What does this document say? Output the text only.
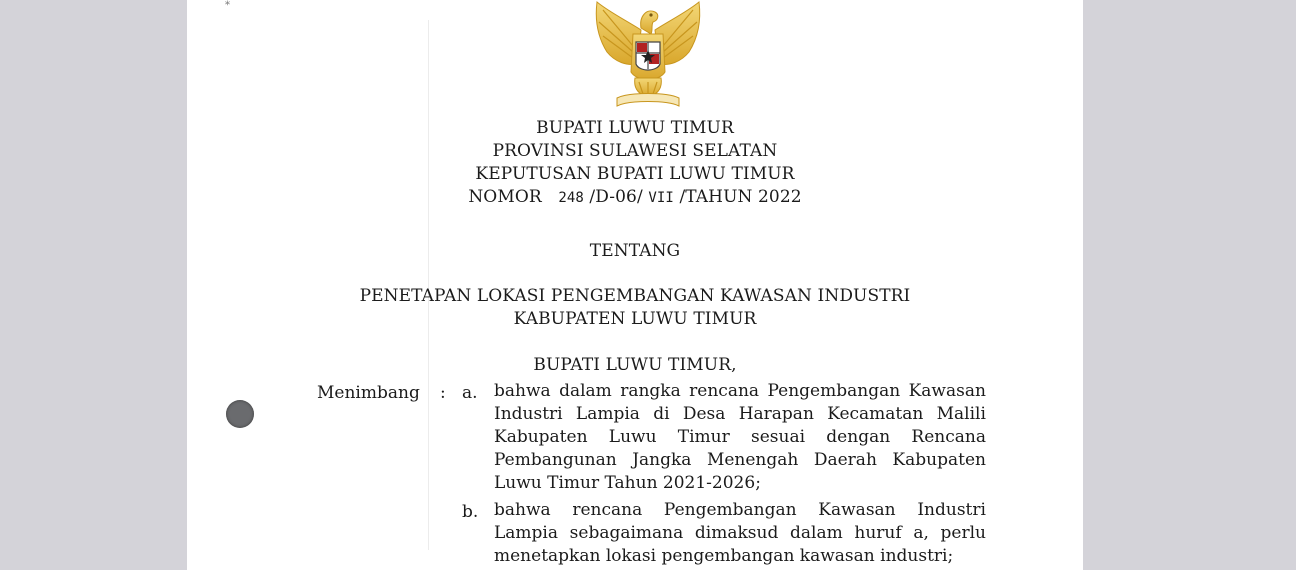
*
BUPATI LUWU TIMUR
PROVINSI SULAWESI SELATAN
KEPUTUSAN BUPATI LUWU TIMUR
NOMOR 248 /D-06/ VII /TAHUN 2022
TENTANG
PENETAPAN LOKASI PENGEMBANGAN KAWASAN INDUSTRI
KABUPATEN LUWU TIMUR
BUPATI LUWU TIMUR,
Menimbang : a. bahwa dalam rangka rencana Pengembangan Kawasan
Industri Lampia di Desa Harapan Kecamatan Malili
Kabupaten Luwu Timur sesuai dengan Rencana
Pembangunan Jangka Menengah Daerah Kabupaten
Luwu Timur Tahun 2021-2026;
b. bahwa rencana Pengembangan Kawasan Industri
Lampia sebagaimana dimaksud dalam huruf a, perlu
menetapkan lokasi pengembangan kawasan industri;
